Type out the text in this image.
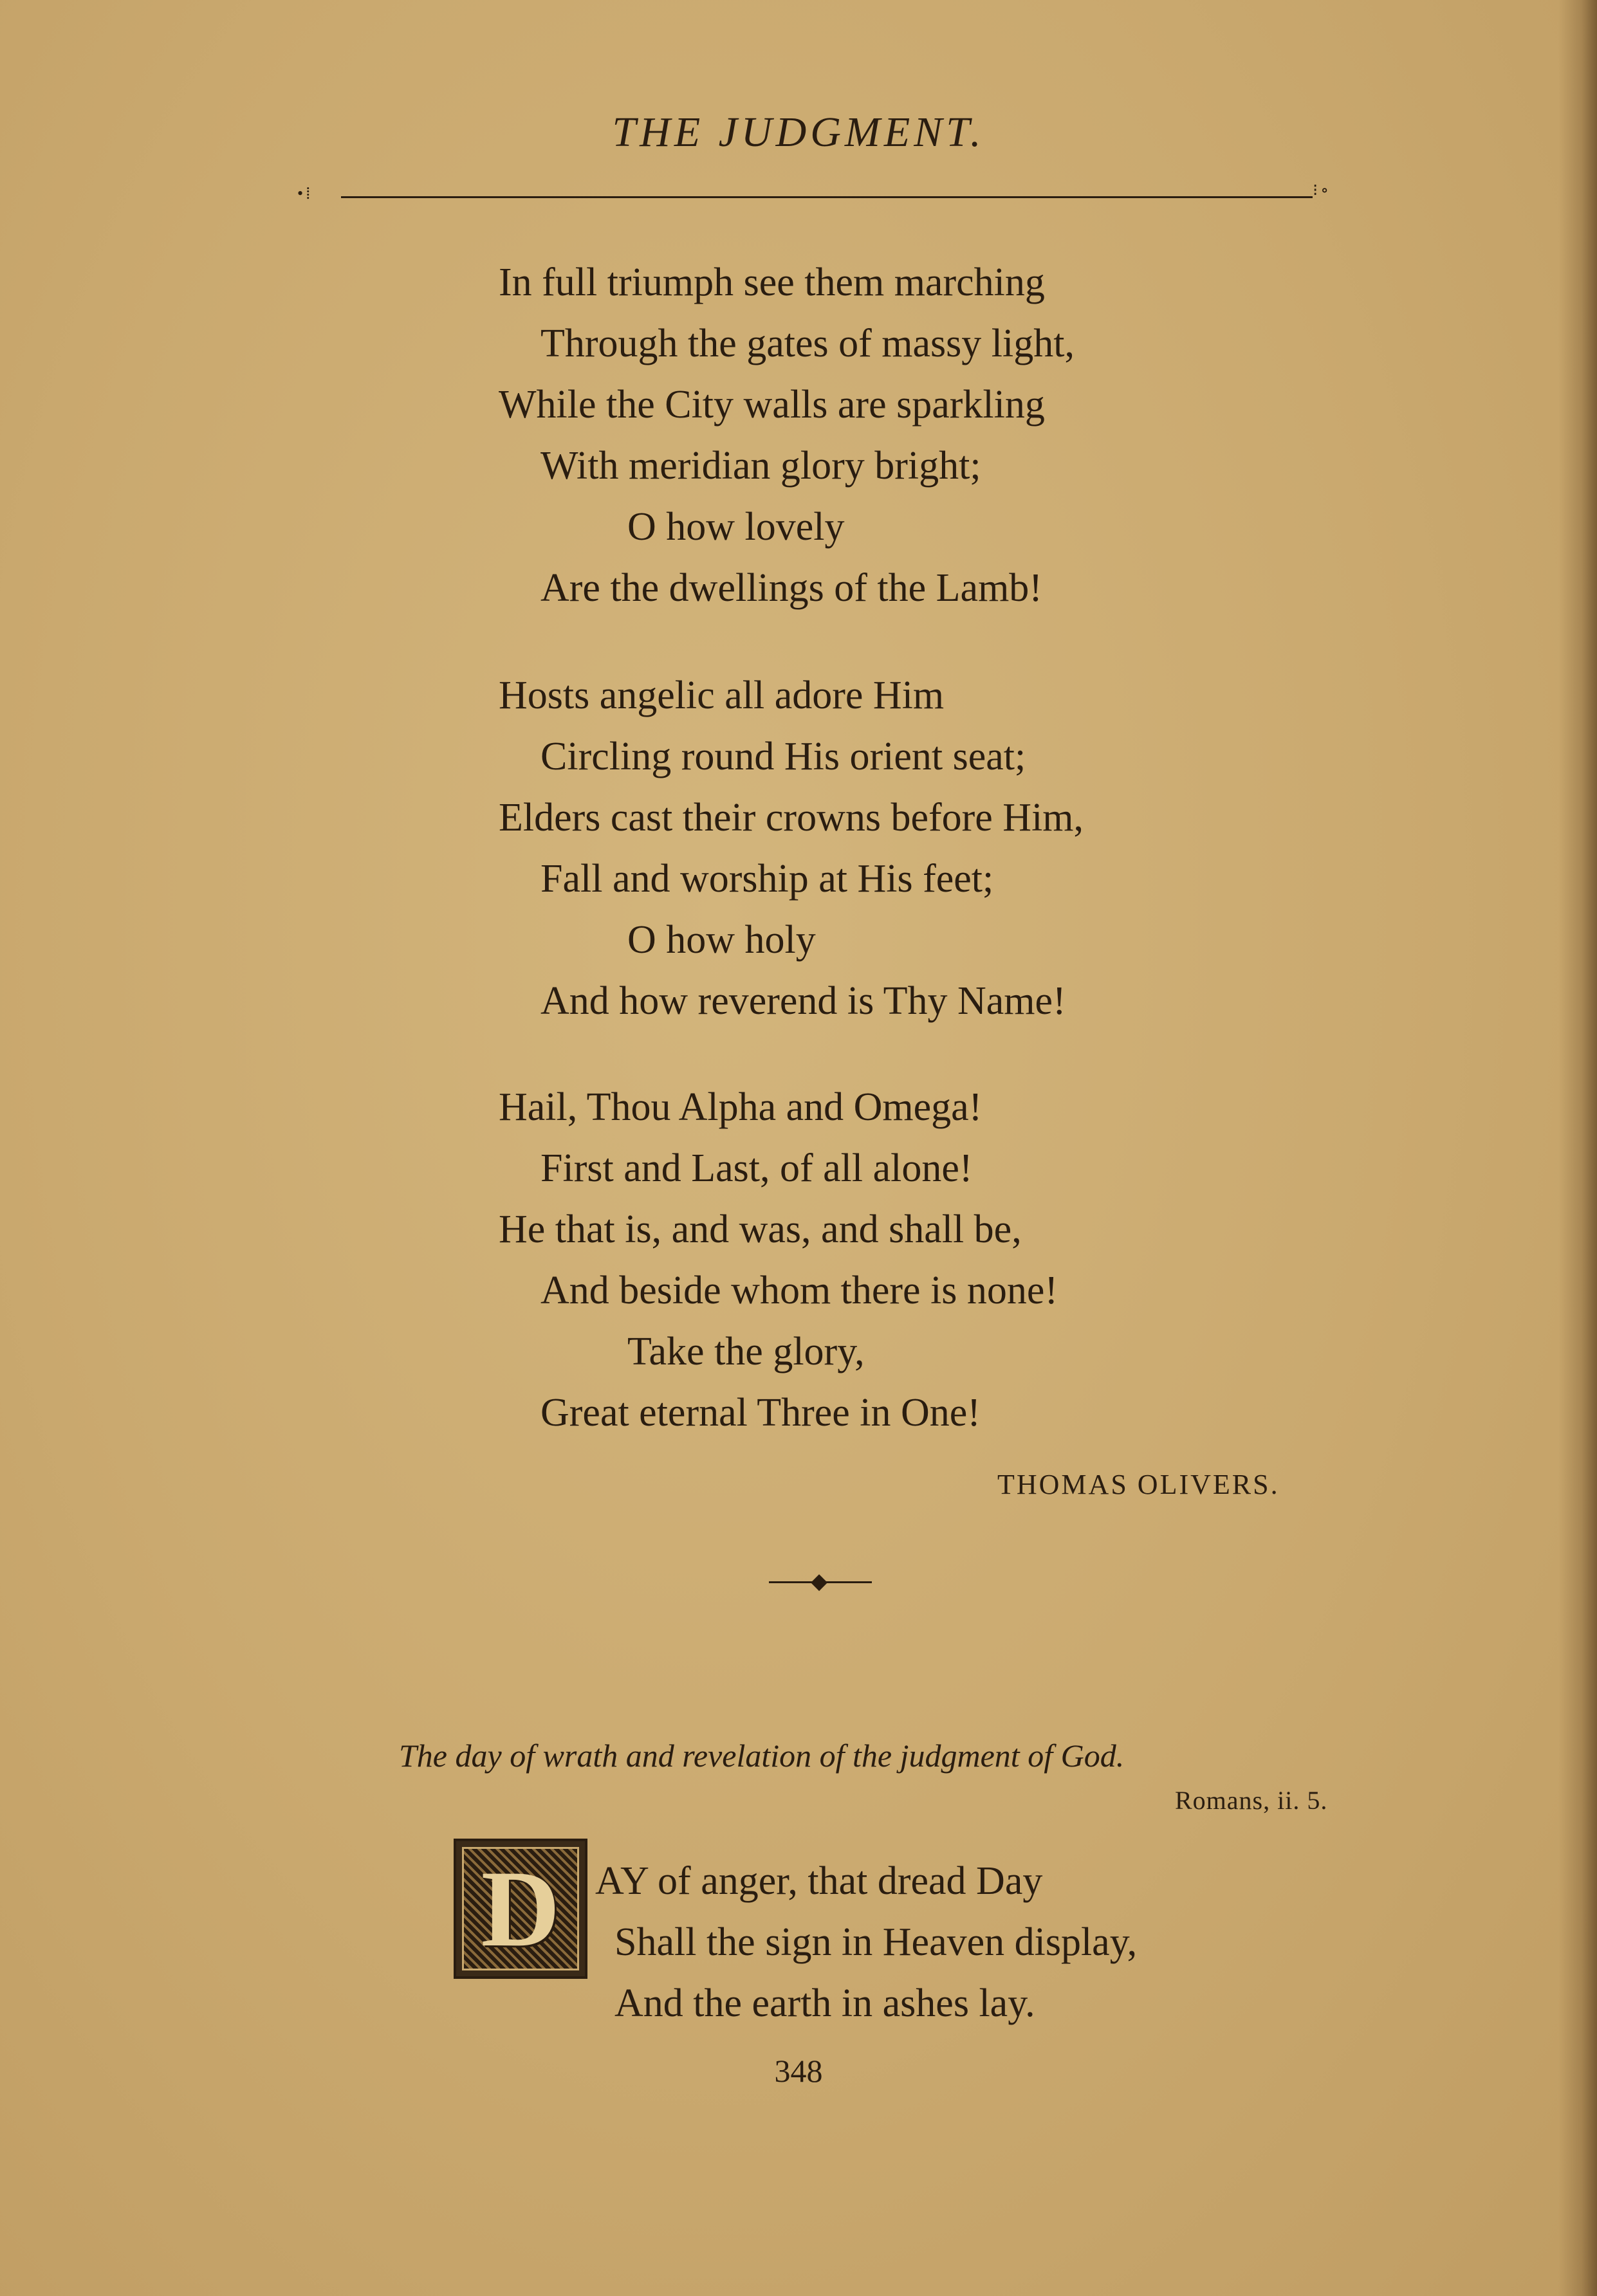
THE JUDGMENT.
•⁞	⁝∘
In full triumph see them marching
Through the gates of massy light,
While the City walls are sparkling
With meridian glory bright;
O how lovely
Are the dwellings of the Lamb!
Hosts angelic all adore Him
Circling round His orient seat;
Elders cast their crowns before Him,
Fall and worship at His feet;
O how holy
And how reverend is Thy Name!
Hail, Thou Alpha and Omega!
First and Last, of all alone!
He that is, and was, and shall be,
And beside whom there is none!
Take the glory,
Great eternal Three in One!
THOMAS OLIVERS.
◆
The day of wrath and revelation of the judgment of God.
Romans, ii. 5.
D AY of anger, that dread Day
Shall the sign in Heaven display,
And the earth in ashes lay.
348
